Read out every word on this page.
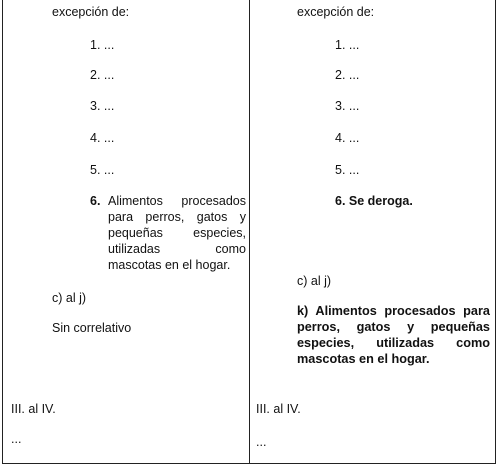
excepción de:
1. ...
2. ...
3. ...
4. ...
5. ...
6. Alimentos procesados para perros, gatos y pequeñas especies, utilizadas como mascotas en el hogar.
c) al j)
Sin correlativo
III. al IV.
...
excepción de:
1. ...
2. ...
3. ...
4. ...
5. ...
6. Se deroga.
c) al j)
k) Alimentos procesados para perros, gatos y pequeñas especies, utilizadas como mascotas en el hogar.
III. al IV.
...
